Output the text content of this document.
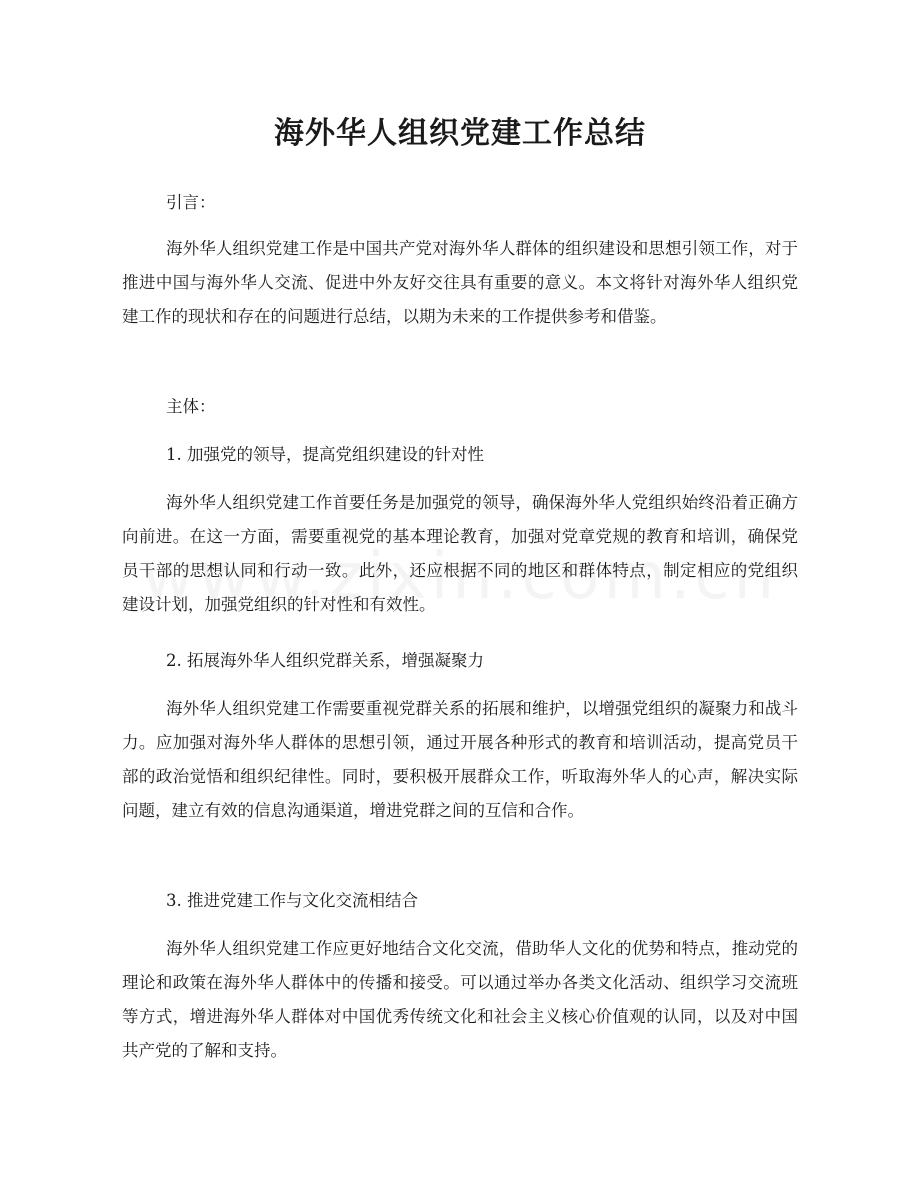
海外华人组织党建工作总结

引言：

海外华人组织党建工作是中国共产党对海外华人群体的组织建设和思想引领工作，对于推进中国与海外华人交流、促进中外友好交往具有重要的意义。本文将针对海外华人组织党建工作的现状和存在的问题进行总结，以期为未来的工作提供参考和借鉴。

主体：

1. 加强党的领导，提高党组织建设的针对性

海外华人组织党建工作首要任务是加强党的领导，确保海外华人党组织始终沿着正确方向前进。在这一方面，需要重视党的基本理论教育，加强对党章党规的教育和培训，确保党员干部的思想认同和行动一致。此外，还应根据不同的地区和群体特点，制定相应的党组织建设计划，加强党组织的针对性和有效性。

2. 拓展海外华人组织党群关系，增强凝聚力

海外华人组织党建工作需要重视党群关系的拓展和维护，以增强党组织的凝聚力和战斗力。应加强对海外华人群体的思想引领，通过开展各种形式的教育和培训活动，提高党员干部的政治觉悟和组织纪律性。同时，要积极开展群众工作，听取海外华人的心声，解决实际问题，建立有效的信息沟通渠道，增进党群之间的互信和合作。

3. 推进党建工作与文化交流相结合

海外华人组织党建工作应更好地结合文化交流，借助华人文化的优势和特点，推动党的理论和政策在海外华人群体中的传播和接受。可以通过举办各类文化活动、组织学习交流班等方式，增进海外华人群体对中国优秀传统文化和社会主义核心价值观的认同，以及对中国共产党的了解和支持。
